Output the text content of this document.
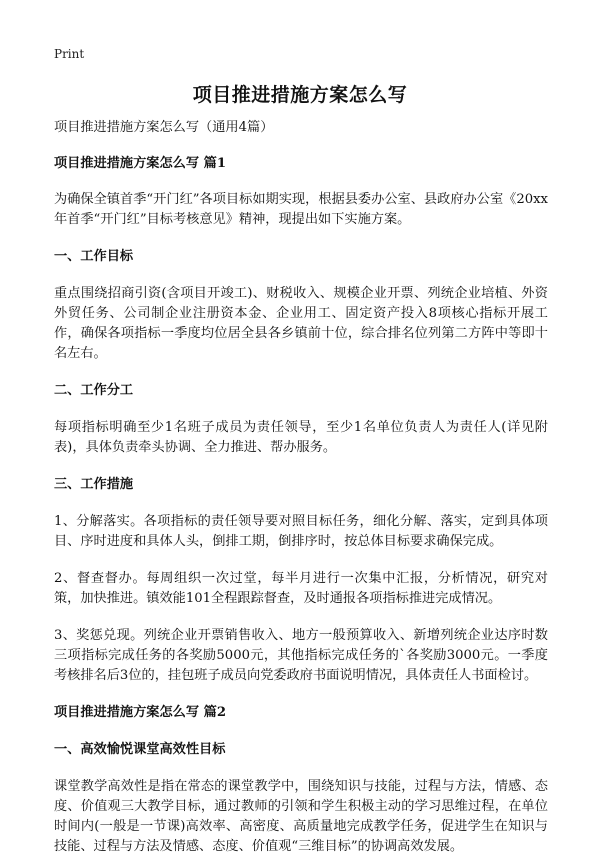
Print
项目推进措施方案怎么写

项目推进措施方案怎么写（通用4篇）

项目推进措施方案怎么写 篇1

为确保全镇首季“开门红”各项目标如期实现，根据县委办公室、县政府办公室《20xx年首季“开门红”目标考核意见》精神，现提出如下实施方案。

一、工作目标

重点围绕招商引资(含项目开竣工)、财税收入、规模企业开票、列统企业培植、外资外贸任务、公司制企业注册资本金、企业用工、固定资产投入8项核心指标开展工作，确保各项指标一季度均位居全县各乡镇前十位，综合排名位列第二方阵中等即十名左右。

二、工作分工

每项指标明确至少1名班子成员为责任领导，至少1名单位负责人为责任人(详见附表)，具体负责牵头协调、全力推进、帮办服务。

三、工作措施

1、分解落实。各项指标的责任领导要对照目标任务，细化分解、落实，定到具体项目、序时进度和具体人头，倒排工期，倒排序时，按总体目标要求确保完成。

2、督查督办。每周组织一次过堂，每半月进行一次集中汇报，分析情况，研究对策，加快推进。镇效能101全程跟踪督查，及时通报各项指标推进完成情况。

3、奖惩兑现。列统企业开票销售收入、地方一般预算收入、新增列统企业达序时数三项指标完成任务的各奖励5000元，其他指标完成任务的`各奖励3000元。一季度考核排名后3位的，挂包班子成员向党委政府书面说明情况，具体责任人书面检讨。

项目推进措施方案怎么写 篇2

一、高效愉悦课堂高效性目标

课堂教学高效性是指在常态的课堂教学中，围绕知识与技能，过程与方法，情感、态度、价值观三大教学目标，通过教师的引领和学生积极主动的学习思维过程，在单位时间内(一般是一节课)高效率、高密度、高质量地完成教学任务，促进学生在知识与技能、过程与方法及情感、态度、价值观“三维目标”的协调高效发展。
